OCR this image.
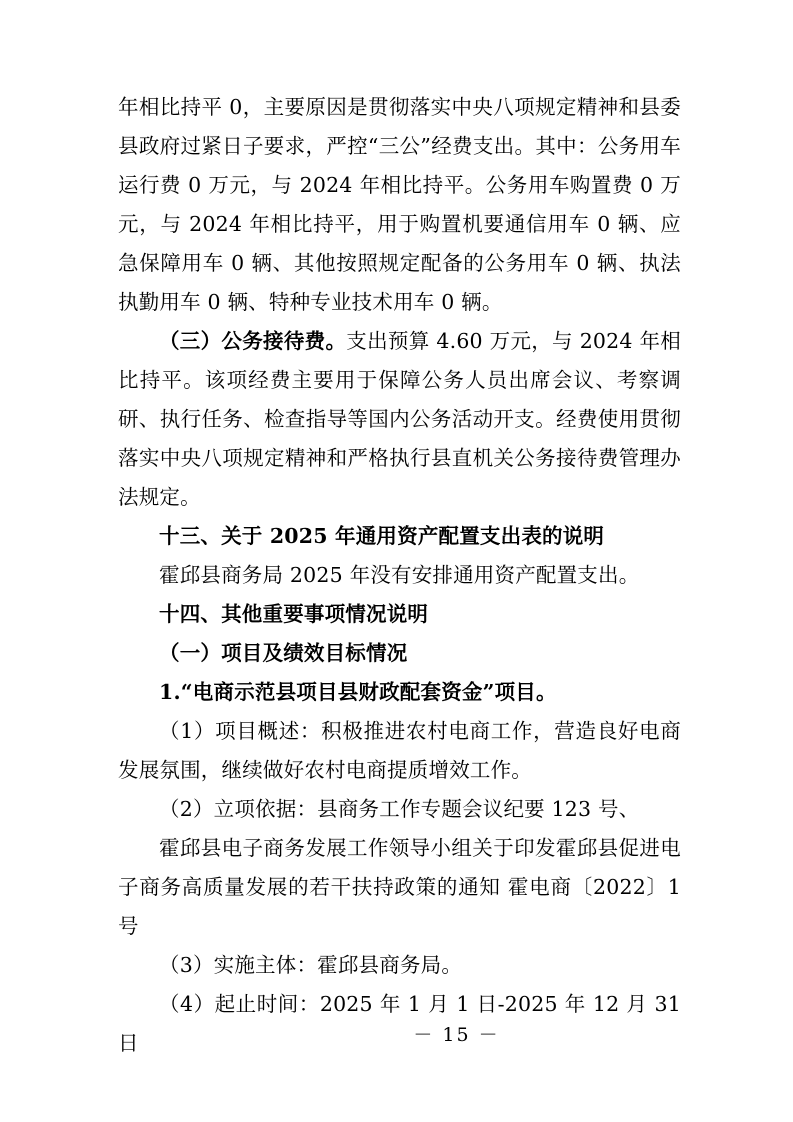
年相比持平 0，主要原因是贯彻落实中央八项规定精神和县委县政府过紧日子要求，严控“三公”经费支出。其中：公务用车运行费 0 万元，与 2024 年相比持平。公务用车购置费 0 万元，与 2024 年相比持平，用于购置机要通信用车 0 辆、应急保障用车 0 辆、其他按照规定配备的公务用车 0 辆、执法执勤用车 0 辆、特种专业技术用车 0 辆。

（三）公务接待费。支出预算 4.60 万元，与 2024 年相比持平。该项经费主要用于保障公务人员出席会议、考察调研、执行任务、检查指导等国内公务活动开支。经费使用贯彻落实中央八项规定精神和严格执行县直机关公务接待费管理办法规定。

十三、关于 2025 年通用资产配置支出表的说明

霍邱县商务局 2025 年没有安排通用资产配置支出。

十四、其他重要事项情况说明

（一）项目及绩效目标情况

1.“电商示范县项目县财政配套资金”项目。

（1）项目概述：积极推进农村电商工作，营造良好电商发展氛围，继续做好农村电商提质增效工作。

（2）立项依据：县商务工作专题会议纪要 123 号、

霍邱县电子商务发展工作领导小组关于印发霍邱县促进电子商务高质量发展的若干扶持政策的通知 霍电商〔2022〕1 号

（3）实施主体：霍邱县商务局。

（4）起止时间：2025 年 1 月 1 日-2025 年 12 月 31 日	－ 15 －
